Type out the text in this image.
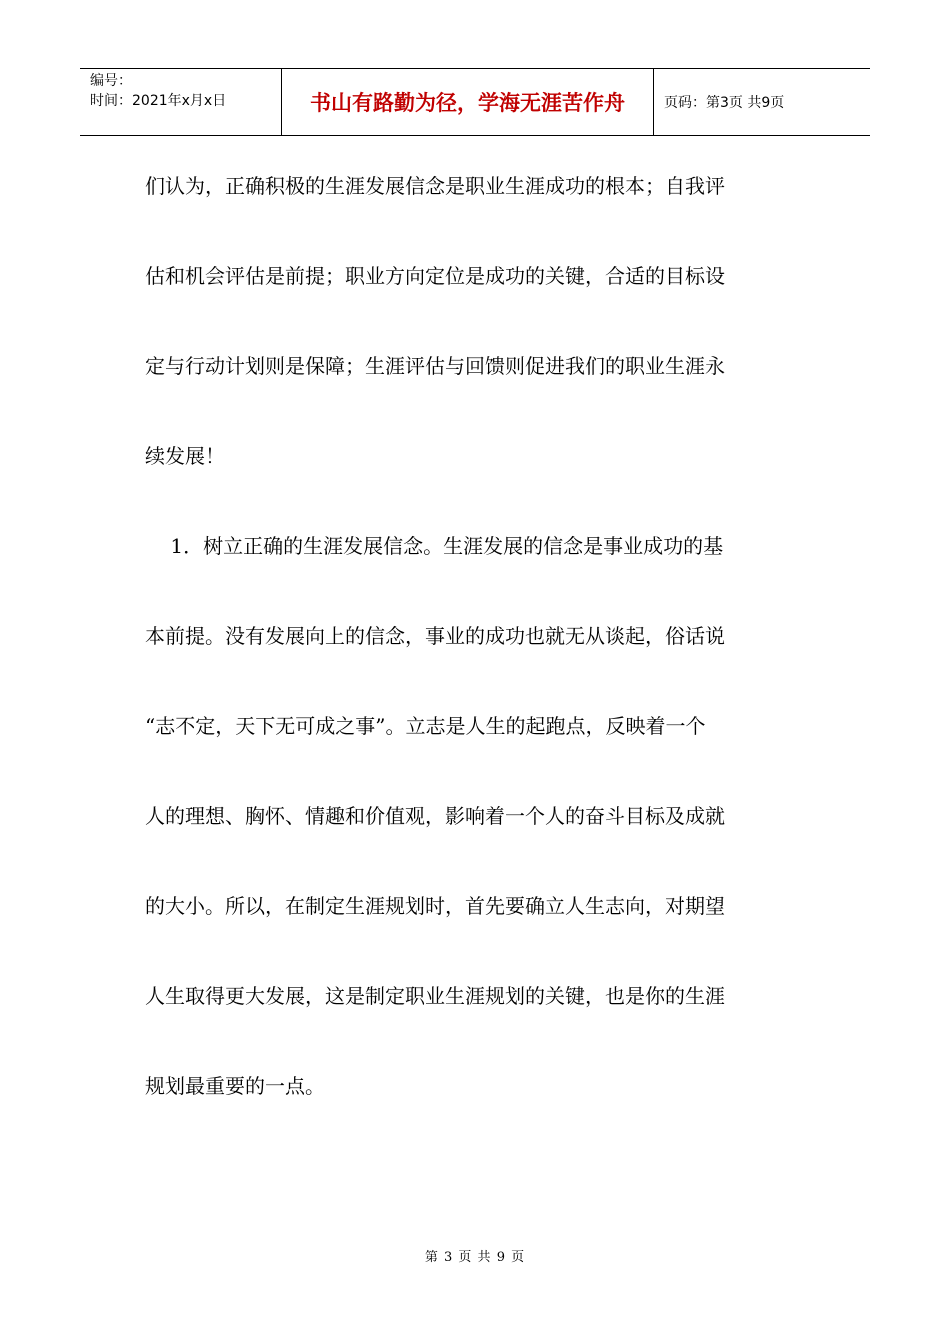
编号：
时间：2021年x月x日	书山有路勤为径，学海无涯苦作舟	页码：第3页 共9页
们认为，正确积极的生涯发展信念是职业生涯成功的根本；自我评
估和机会评估是前提；职业方向定位是成功的关键，合适的目标设
定与行动计划则是保障；生涯评估与回馈则促进我们的职业生涯永
续发展！
1．树立正确的生涯发展信念。生涯发展的信念是事业成功的基
本前提。没有发展向上的信念，事业的成功也就无从谈起，俗话说
“志不定，天下无可成之事”。立志是人生的起跑点，反映着一个
人的理想、胸怀、情趣和价值观，影响着一个人的奋斗目标及成就
的大小。所以，在制定生涯规划时，首先要确立人生志向，对期望
人生取得更大发展，这是制定职业生涯规划的关键，也是你的生涯
规划最重要的一点。
第 3 页 共 9 页
